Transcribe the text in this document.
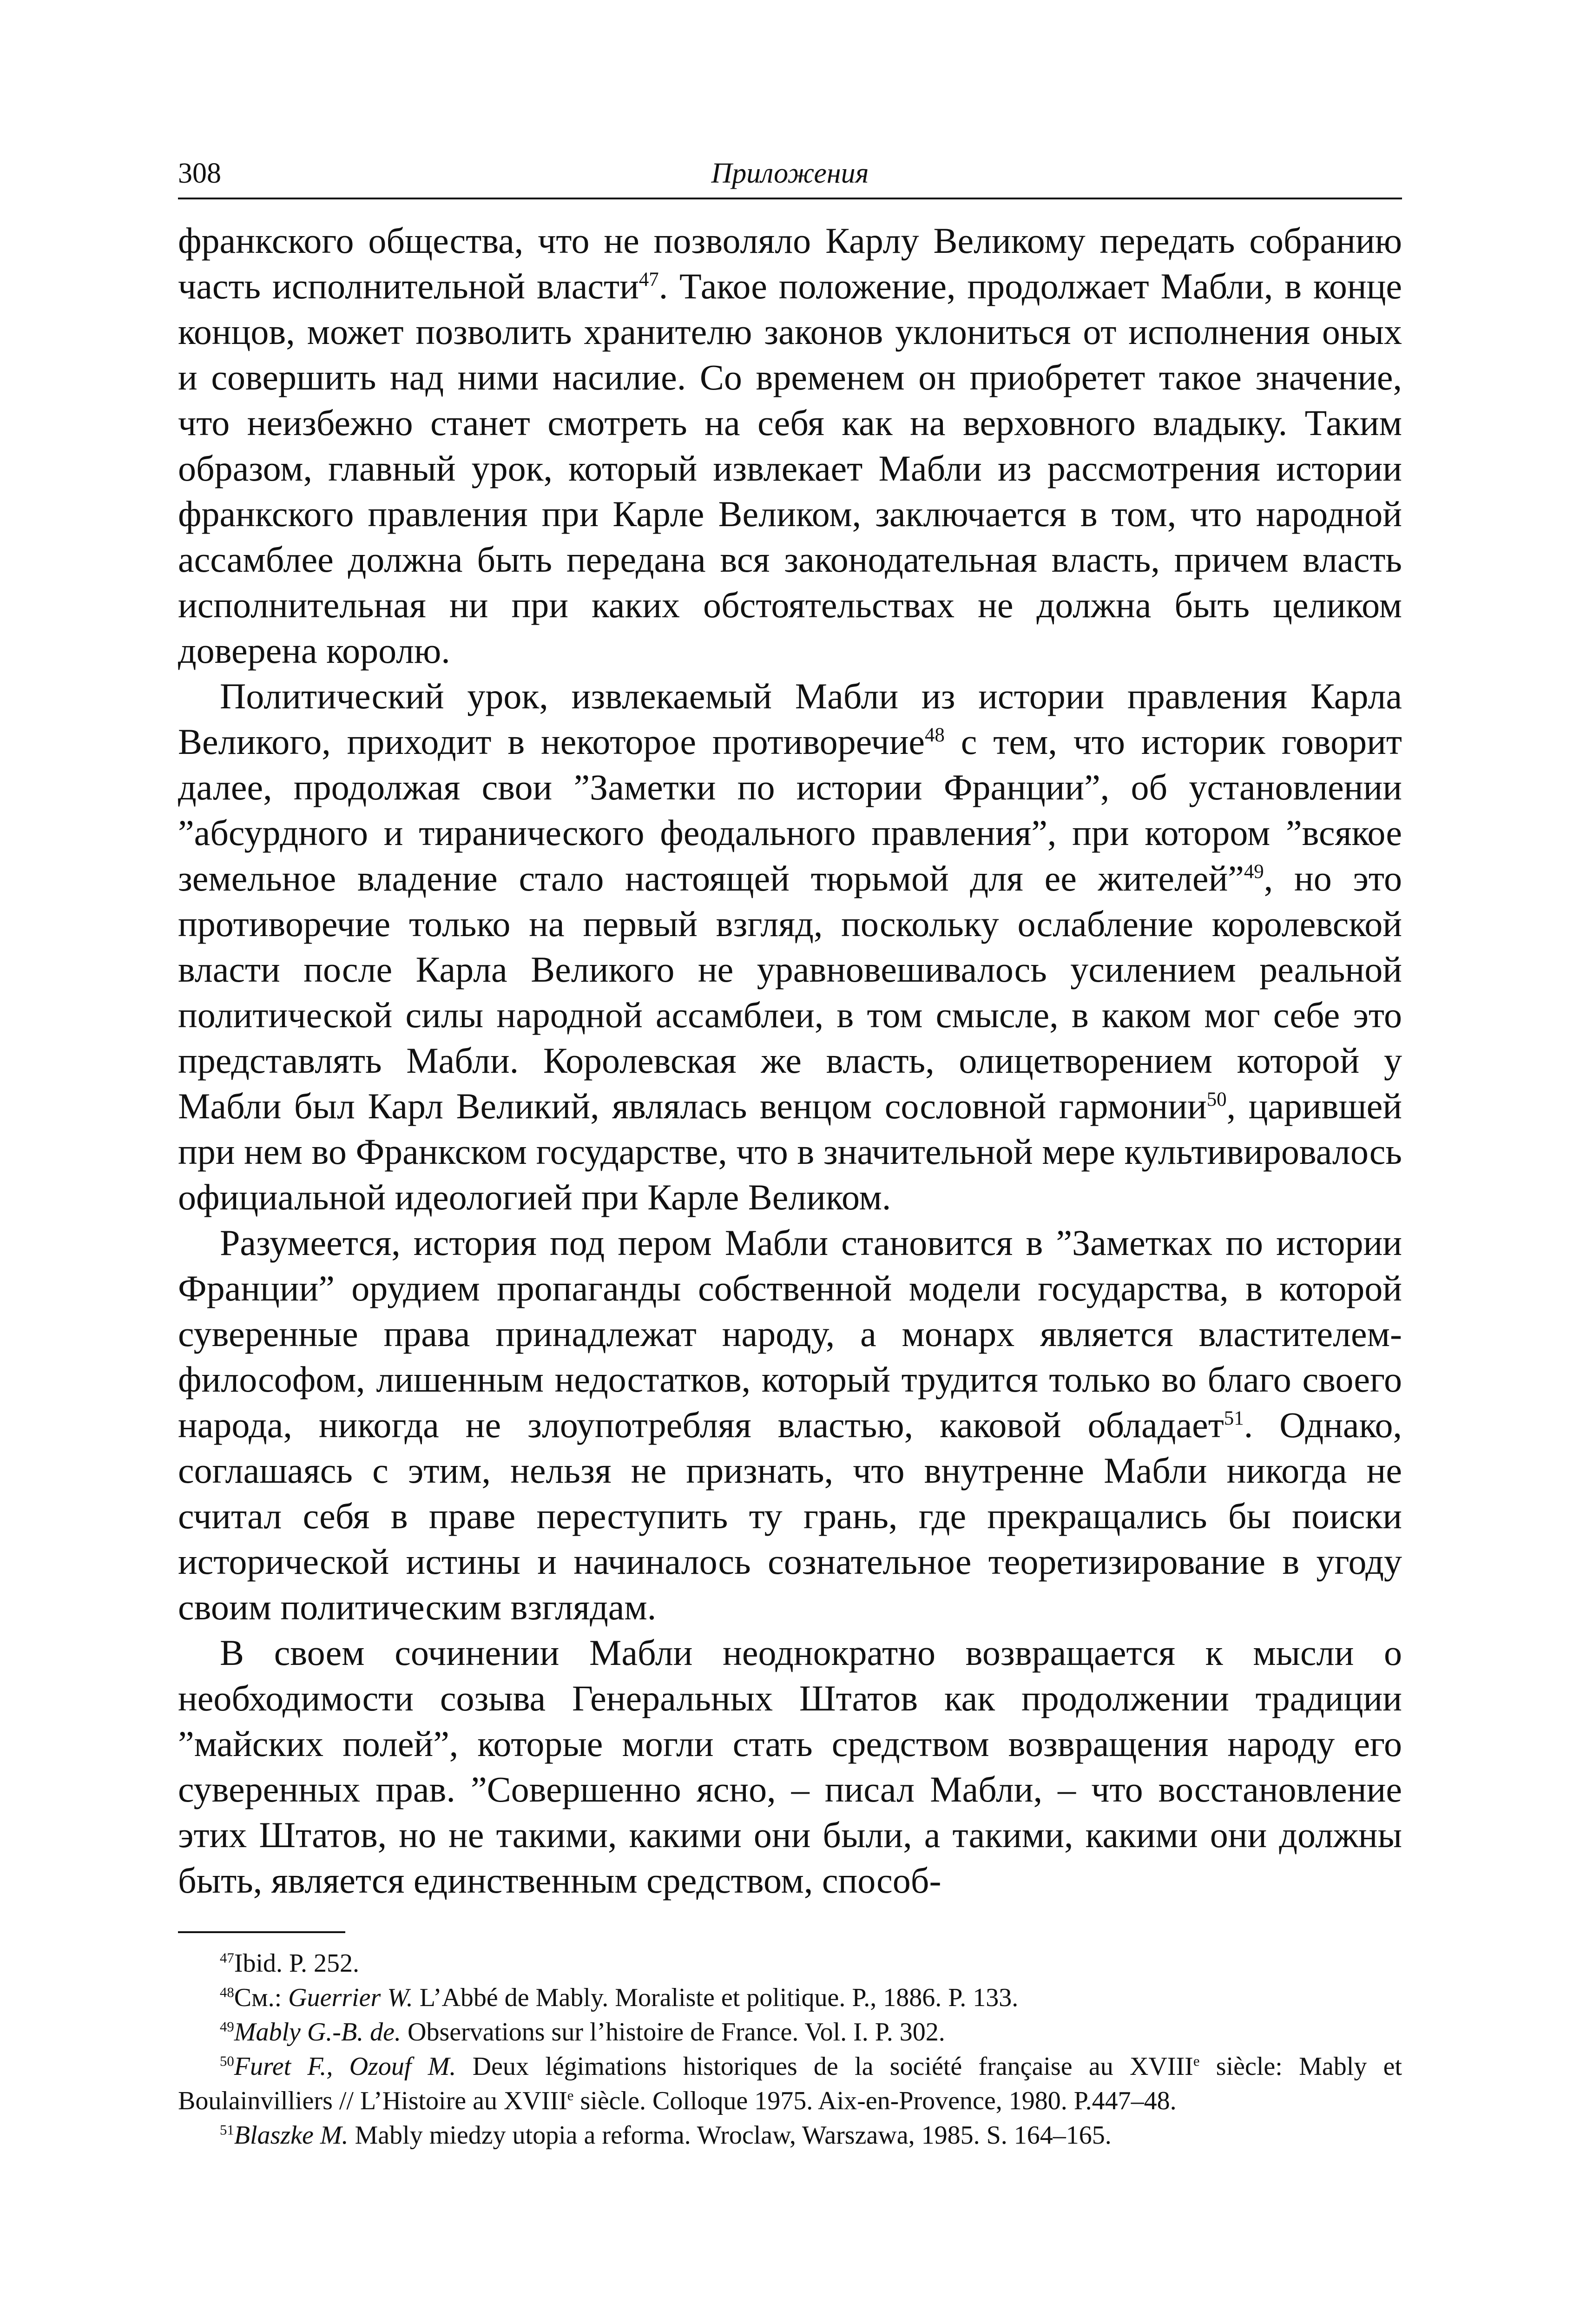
308	Приложения

франкского общества, что не позволяло Карлу Великому передать собранию часть исполнительной власти$^{47}$. Такое положение, продолжает Мабли, в конце концов, может позволить хранителю законов уклониться от исполнения оных и совершить над ними насилие. Со временем он приобретет такое значение, что неизбежно станет смотреть на себя как на верховного владыку. Таким образом, главный урок, который извлекает Мабли из рассмотрения истории франкского правления при Карле Великом, заключается в том, что народной ассамблее должна быть передана вся законодательная власть, причем власть исполнительная ни при каких обстоятельствах не должна быть целиком доверена королю.

Политический урок, извлекаемый Мабли из истории правления Карла Великого, приходит в некоторое противоречие$^{48}$ с тем, что историк говорит далее, продолжая свои ”Заметки по истории Франции”, об установлении ”абсурдного и тиранического феодального правления”, при котором ”всякое земельное владение стало настоящей тюрьмой для ее жителей”$^{49}$, но это противоречие только на первый взгляд, поскольку ослабление королевской власти после Карла Великого не уравновешивалось усилением реальной политической силы народной ассамблеи, в том смысле, в каком мог себе это представлять Мабли. Королевская же власть, олицетворением которой у Мабли был Карл Великий, являлась венцом сословной гармонии$^{50}$, царившей при нем во Франкском государстве, что в значительной мере культивировалось официальной идеологией при Карле Великом.

Разумеется, история под пером Мабли становится в ”Заметках по истории Франции” орудием пропаганды собственной модели государства, в которой суверенные права принадлежат народу, а монарх является властителем-философом, лишенным недостатков, который трудится только во благо своего народа, никогда не злоупотребляя властью, каковой обладает$^{51}$. Однако, соглашаясь с этим, нельзя не признать, что внутренне Мабли никогда не считал себя в праве переступить ту грань, где прекращались бы поиски исторической истины и начиналось сознательное теоретизирование в угоду своим политическим взглядам.

В своем сочинении Мабли неоднократно возвращается к мысли о необходимости созыва Генеральных Штатов как продолжении традиции ”майских полей”, которые могли стать средством возвращения народу его суверенных прав. ”Совершенно ясно, – писал Мабли, – что восстановление этих Штатов, но не такими, какими они были, а такими, какими они должны быть, является единственным средством, способ-

$^{47}$Ibid. P. 252.

$^{48}$См.: Guerrier W. L’Abbé de Mably. Moraliste et politique. P., 1886. P. 133.

$^{49}$Mably G.-B. de. Observations sur l’histoire de France. Vol. I. P. 302.

$^{50}$Furet F., Ozouf M. Deux légimations historiques de la société française au XVIIIe siècle: Mably et Boulainvilliers // L’Histoire au XVIIIe siècle. Colloque 1975. Aix-en-Provence, 1980. P.447–48.

$^{51}$Blaszke M. Mably miedzy utopia a reforma. Wroclaw, Warszawa, 1985. S. 164–165.
